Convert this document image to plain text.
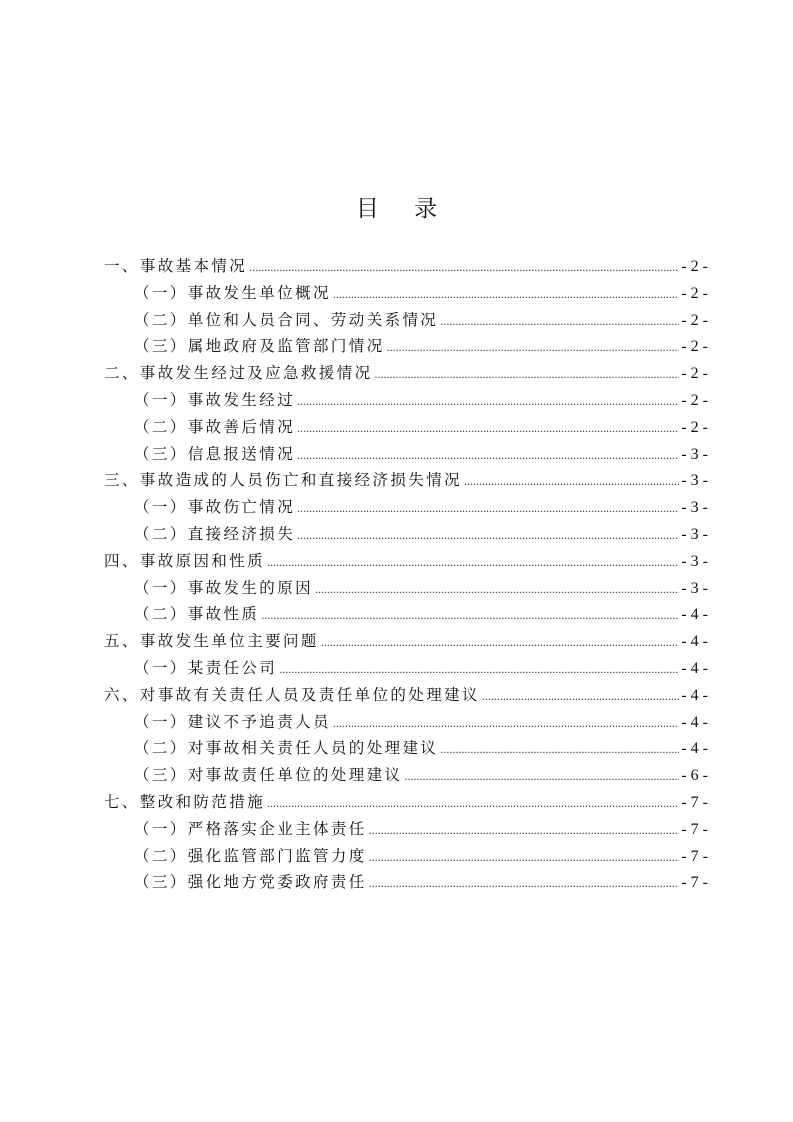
目 录
一、事故基本情况 .....	- 2 -
（一）事故发生单位概况 .....	- 2 -
（二）单位和人员合同、劳动关系情况 .....	- 2 -
（三）属地政府及监管部门情况 .....	- 2 -
二、事故发生经过及应急救援情况 .....	- 2 -
（一）事故发生经过 .....	- 2 -
（二）事故善后情况 .....	- 2 -
（三）信息报送情况 .....	- 3 -
三、事故造成的人员伤亡和直接经济损失情况 .....	- 3 -
（一）事故伤亡情况 .....	- 3 -
（二）直接经济损失 .....	- 3 -
四、事故原因和性质 .....	- 3 -
（一）事故发生的原因 .....	- 3 -
（二）事故性质 .....	- 4 -
五、事故发生单位主要问题 .....	- 4 -
（一）某责任公司 .....	- 4 -
六、对事故有关责任人员及责任单位的处理建议 .....	- 4 -
（一）建议不予追责人员 .....	- 4 -
（二）对事故相关责任人员的处理建议 .....	- 4 -
（三）对事故责任单位的处理建议 .....	- 6 -
七、整改和防范措施 .....	- 7 -
（一）严格落实企业主体责任 .....	- 7 -
（二）强化监管部门监管力度 .....	- 7 -
（三）强化地方党委政府责任 .....	- 7 -
